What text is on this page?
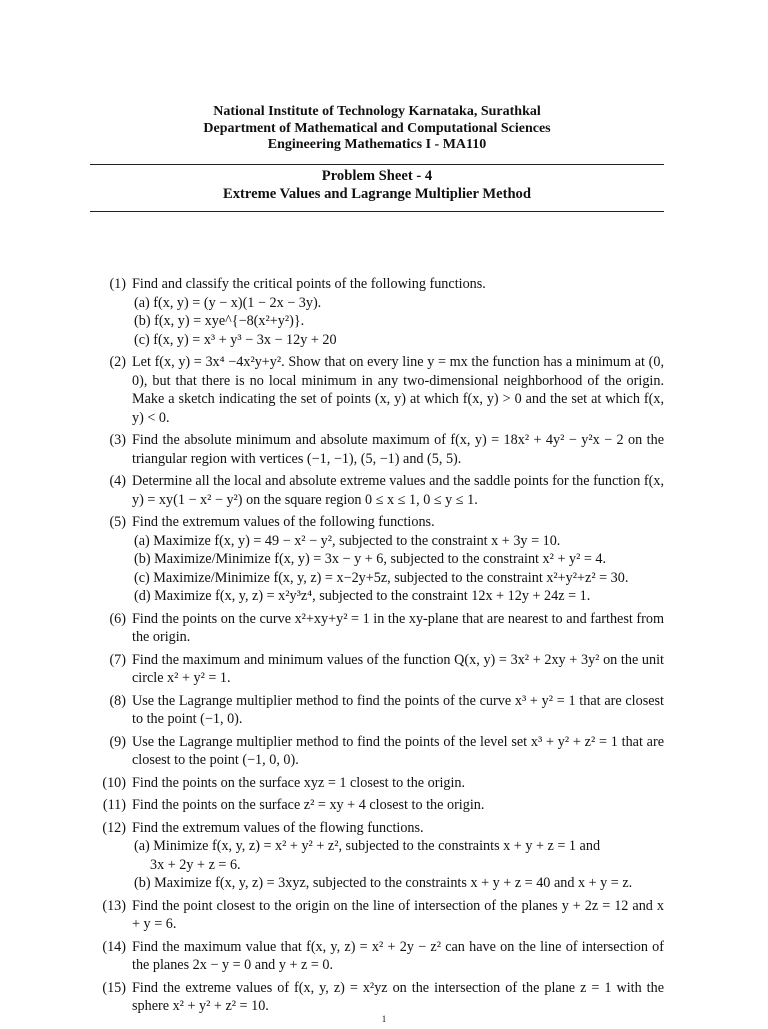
National Institute of Technology Karnataka, Surathkal
Department of Mathematical and Computational Sciences
Engineering Mathematics I - MA110
Problem Sheet - 4
Extreme Values and Lagrange Multiplier Method
(1) Find and classify the critical points of the following functions.
(a) f(x, y) = (y − x)(1 − 2x − 3y).
(b) f(x, y) = xye^{−8(x²+y²)}.
(c) f(x, y) = x³ + y³ − 3x − 12y + 20
(2) Let f(x, y) = 3x⁴ −4x²y+y². Show that on every line y = mx the function has a minimum at (0, 0), but that there is no local minimum in any two-dimensional neighborhood of the origin. Make a sketch indicating the set of points (x, y) at which f(x, y) > 0 and the set at which f(x, y) < 0.
(3) Find the absolute minimum and absolute maximum of f(x, y) = 18x² + 4y² − y²x − 2 on the triangular region with vertices (−1, −1), (5, −1) and (5, 5).
(4) Determine all the local and absolute extreme values and the saddle points for the function f(x, y) = xy(1 − x² − y²) on the square region 0 ≤ x ≤ 1, 0 ≤ y ≤ 1.
(5) Find the extremum values of the following functions.
(a) Maximize f(x, y) = 49 − x² − y², subjected to the constraint x + 3y = 10.
(b) Maximize/Minimize f(x, y) = 3x − y + 6, subjected to the constraint x² + y² = 4.
(c) Maximize/Minimize f(x, y, z) = x−2y+5z, subjected to the constraint x²+y²+z² = 30.
(d) Maximize f(x, y, z) = x²y³z⁴, subjected to the constraint 12x + 12y + 24z = 1.
(6) Find the points on the curve x²+xy+y² = 1 in the xy-plane that are nearest to and farthest from the origin.
(7) Find the maximum and minimum values of the function Q(x, y) = 3x² + 2xy + 3y² on the unit circle x² + y² = 1.
(8) Use the Lagrange multiplier method to find the points of the curve x³ + y² = 1 that are closest to the point (−1, 0).
(9) Use the Lagrange multiplier method to find the points of the level set x³ + y² + z² = 1 that are closest to the point (−1, 0, 0).
(10) Find the points on the surface xyz = 1 closest to the origin.
(11) Find the points on the surface z² = xy + 4 closest to the origin.
(12) Find the extremum values of the flowing functions.
(a) Minimize f(x, y, z) = x² + y² + z², subjected to the constraints x + y + z = 1 and
3x + 2y + z = 6.
(b) Maximize f(x, y, z) = 3xyz, subjected to the constraints x + y + z = 40 and x + y = z.
(13) Find the point closest to the origin on the line of intersection of the planes y + 2z = 12 and x + y = 6.
(14) Find the maximum value that f(x, y, z) = x² + 2y − z² can have on the line of intersection of the planes 2x − y = 0 and y + z = 0.
(15) Find the extreme values of f(x, y, z) = x²yz on the intersection of the plane z = 1 with the sphere x² + y² + z² = 10.
1
